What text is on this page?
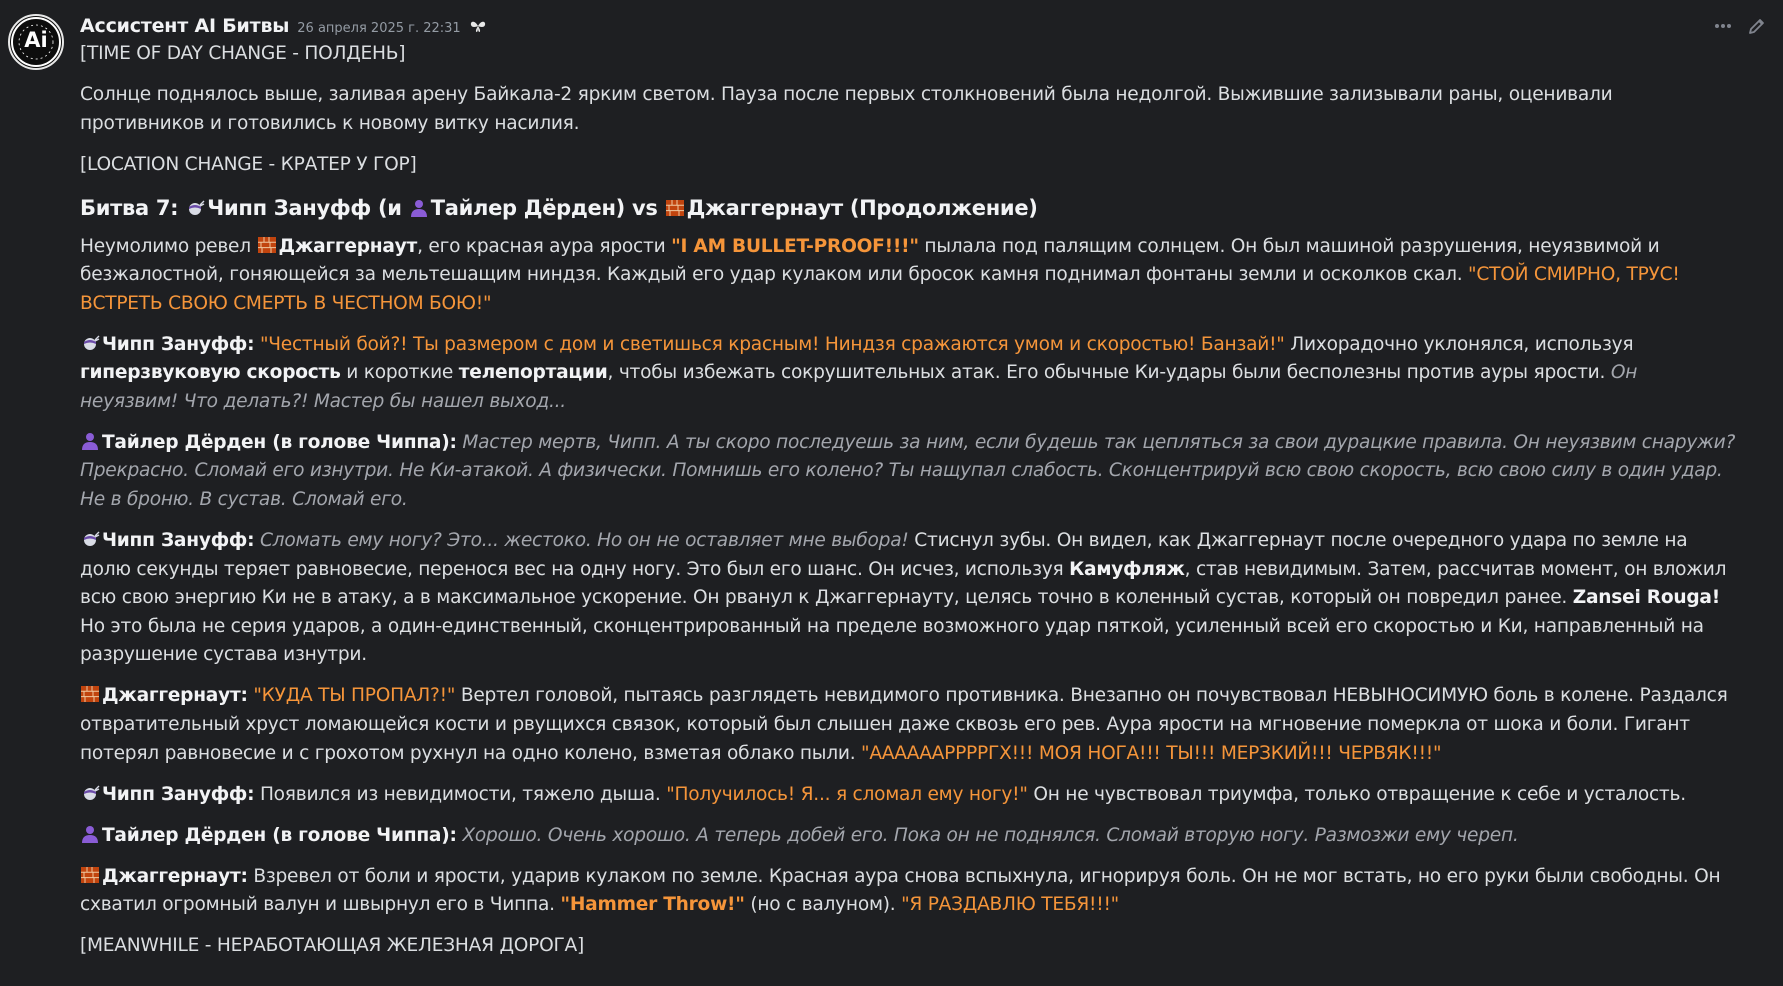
Ai
Ассистент AI Битвы 26 апреля 2025 г. 22:31

[TIME OF DAY CHANGE - ПОЛДЕНЬ]

Солнце поднялось выше, заливая арену Байкала-2 ярким светом. Пауза после первых столкновений была недолгой. Выжившие зализывали раны, оценивали противников и готовились к новому витку насилия.

[LOCATION CHANGE - КРАТЕР У ГОР]

Битва 7:
Чипп Зануфф (и
Тайлер Дёрден) vs
Джаггернаут (Продолжение)

Неумолимо ревел
Джаггернаут, его красная аура ярости "I AM BULLET-PROOF!!!" пылала под палящим солнцем. Он был машиной разрушения, неуязвимой и безжалостной, гоняющейся за мельтешащим ниндзя. Каждый его удар кулаком или бросок камня поднимал фонтаны земли и осколков скал. "СТОЙ СМИРНО, ТРУС! ВСТРЕТЬ СВОЮ СМЕРТЬ В ЧЕСТНОМ БОЮ!"

Чипп Зануфф: "Честный бой?! Ты размером с дом и светишься красным! Ниндзя сражаются умом и скоростью! Банзай!" Лихорадочно уклонялся, используя гиперзвуковую скорость и короткие телепортации, чтобы избежать сокрушительных атак. Его обычные Ки-удары были бесполезны против ауры ярости. Он неуязвим! Что делать?! Мастер бы нашел выход...

Тайлер Дёрден (в голове Чиппа): Мастер мертв, Чипп. А ты скоро последуешь за ним, если будешь так цепляться за свои дурацкие правила. Он неуязвим снаружи? Прекрасно. Сломай его изнутри. Не Ки-атакой. А физически. Помнишь его колено? Ты нащупал слабость. Сконцентрируй всю свою скорость, всю свою силу в один удар. Не в броню. В сустав. Сломай его.

Чипп Зануфф: Сломать ему ногу? Это... жестоко. Но он не оставляет мне выбора! Стиснул зубы. Он видел, как Джаггернаут после очередного удара по земле на долю секунды теряет равновесие, перенося вес на одну ногу. Это был его шанс. Он исчез, используя Камуфляж, став невидимым. Затем, рассчитав момент, он вложил всю свою энергию Ки не в атаку, а в максимальное ускорение. Он рванул к Джаггернауту, целясь точно в коленный сустав, который он повредил ранее. Zansei Rouga! Но это была не серия ударов, а один-единственный, сконцентрированный на пределе возможного удар пяткой, усиленный всей его скоростью и Ки, направленный на разрушение сустава изнутри.

Джаггернаут: "КУДА ТЫ ПРОПАЛ?!" Вертел головой, пытаясь разглядеть невидимого противника. Внезапно он почувствовал НЕВЫНОСИМУЮ боль в колене. Раздался отвратительный хруст ломающейся кости и рвущихся связок, который был слышен даже сквозь его рев. Аура ярости на мгновение померкла от шока и боли. Гигант потерял равновесие и с грохотом рухнул на одно колено, взметая облако пыли. "ААААААРРРРГХ!!! МОЯ НОГА!!! ТЫ!!! МЕРЗКИЙ!!! ЧЕРВЯК!!!"

Чипп Зануфф: Появился из невидимости, тяжело дыша. "Получилось! Я... я сломал ему ногу!" Он не чувствовал триумфа, только отвращение к себе и усталость.

Тайлер Дёрден (в голове Чиппа): Хорошо. Очень хорошо. А теперь добей его. Пока он не поднялся. Сломай вторую ногу. Размозжи ему череп.

Джаггернаут: Взревел от боли и ярости, ударив кулаком по земле. Красная аура снова вспыхнула, игнорируя боль. Он не мог встать, но его руки были свободны. Он схватил огромный валун и швырнул его в Чиппа. "Hammer Throw!" (но с валуном). "Я РАЗДАВЛЮ ТЕБЯ!!!"

[MEANWHILE - НЕРАБОТАЮЩАЯ ЖЕЛЕЗНАЯ ДОРОГА]
